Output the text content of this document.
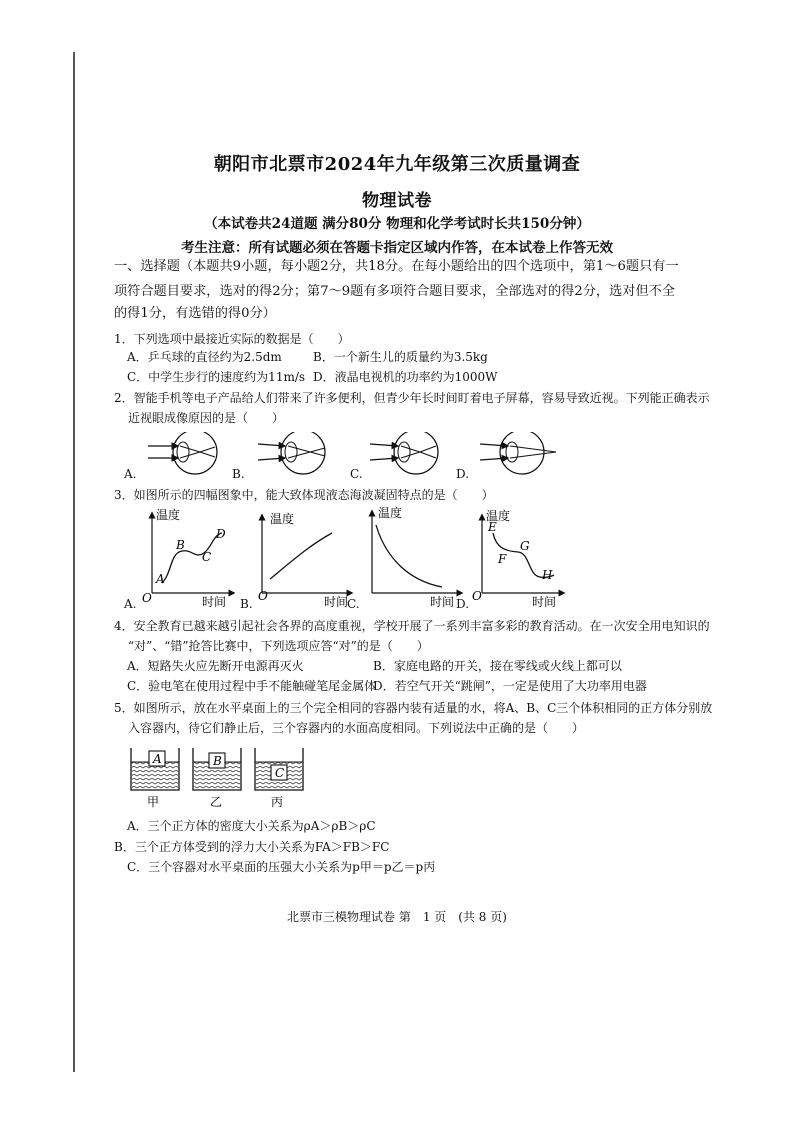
朝阳市北票市2024年九年级第三次质量调查
物理试卷
（本试卷共24道题 满分80分 物理和化学考试时长共150分钟）
考生注意：所有试题必须在答题卡指定区域内作答，在本试卷上作答无效
一、选择题（本题共9小题，每小题2分，共18分。在每小题给出的四个选项中，第1～6题只有一
项符合题目要求，选对的得2分；第7～9题有多项符合题目要求，全部选对的得2分，选对但不全
的得1分，有选错的得0分）
1．下列选项中最接近实际的数据是（　　）
A．乒乓球的直径约为2.5dm	B．一个新生儿的质量约为3.5kg
C．中学生步行的速度约为11m/s D．液晶电视机的功率约为1000W
2．智能手机等电子产品给人们带来了许多便利，但青少年长时间盯着电子屏幕，容易导致近视。下列能正确表示
近视眼成像原因的是（　　）
A.	B.	C.	D.
3．如图所示的四幅图象中，能大致体现液态海波凝固特点的是（　　）
温度
时间
O
A
B
C
D
温度
时间
O
温度
时间
温度
时间
O
E
F
G
H
A.	B.	C.	D.
4．安全教育已越来越引起社会各界的高度重视，学校开展了一系列丰富多彩的教育活动。在一次安全用电知识的
“对”、“错”抢答比赛中，下列选项应答“对”的是（　　）
A．短路失火应先断开电源再灭火	B．家庭电路的开关，接在零线或火线上都可以
C．验电笔在使用过程中手不能触碰笔尾金属体
D．若空气开关“跳闸”，一定是使用了大功率用电器
5．如图所示，放在水平桌面上的三个完全相同的容器内装有适量的水，将A、B、C三个体积相同的正方体分别放
入容器内，待它们静止后，三个容器内的水面高度相同。下列说法中正确的是（　　）
A
甲
B
乙
C
丙
A．三个正方体的密度大小关系为ρA＞ρB＞ρC
B．三个正方体受到的浮力大小关系为FA＞FB＞FC
C．三个容器对水平桌面的压强大小关系为p甲＝p乙＝p丙
北票市三模物理试卷 第　1 页　(共 8 页)
